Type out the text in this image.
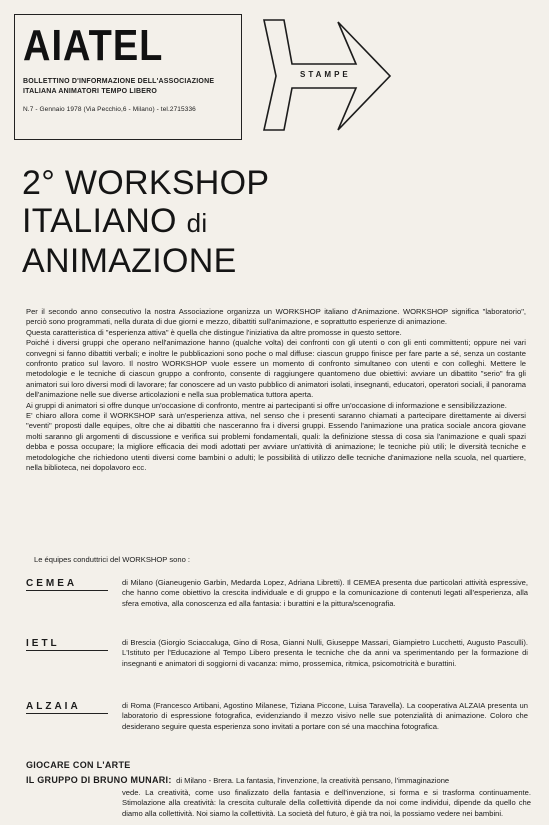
AIATEL
BOLLETTINO D'INFORMAZIONE DELL'ASSOCIAZIONE
ITALIANA ANIMATORI TEMPO LIBERO
N.7 - Gennaio 1978 (Via Pecchio,6 - Milano) - tel.2715336
STAMPE
2° WORKSHOP
ITALIANO di
ANIMAZIONE

Per il secondo anno consecutivo la nostra Associazione organizza un WORKSHOP italiano d'Animazione. WORKSHOP significa "laboratorio", perciò sono programmati, nella durata di due giorni e mezzo, dibattiti sull'animazione, e soprattutto esperienze di animazione.

Questa caratteristica di "esperienza attiva" è quella che distingue l'iniziativa da altre promosse in questo settore.

Poiché i diversi gruppi che operano nell'animazione hanno (qualche volta) dei confronti con gli utenti o con gli enti committenti; oppure nei vari convegni si fanno dibattiti verbali; e inoltre le pubblicazioni sono poche o mal diffuse: ciascun gruppo finisce per fare parte a sé, senza un costante confronto pratico sul lavoro. Il nostro WORKSHOP vuole essere un momento di confronto simultaneo con utenti e con colleghi. Mettere le metodologie e le tecniche di ciascun gruppo a confronto, consente di raggiungere quantomeno due obiettivi: avviare un dibattito "serio" fra gli animatori sui loro diversi modi di lavorare; far conoscere ad un vasto pubblico di animatori isolati, insegnanti, educatori, operatori sociali, il panorama dell'animazione nelle sue diverse articolazioni e nella sua problematica tuttora aperta.

Ai gruppi di animatori si offre dunque un'occasione di confronto, mentre ai partecipanti si offre un'occasione di informazione e sensibilizzazione.

E' chiaro allora come il WORKSHOP sarà un'esperienza attiva, nel senso che i presenti saranno chiamati a partecipare direttamente ai diversi "eventi" proposti dalle equipes, oltre che ai dibattiti che nasceranno fra i diversi gruppi. Essendo l'animazione una pratica sociale ancora giovane molti saranno gli argomenti di discussione e verifica sui problemi fondamentali, quali: la definizione stessa di cosa sia l'animazione e quali spazi debba e possa occupare; la migliore efficacia dei modi adottati per avviare un'attività di animazione; le tecniche più utili; le diversità tecniche e metodologiche che richiedono utenti diversi come bambini o adulti; le possibilità di utilizzo delle tecniche d'animazione nella scuola, nel quartiere, nella biblioteca, nei dopolavoro ecc.

Le équipes conduttrici del WORKSHOP sono :
CEMEA	di Milano (Gianeugenio Garbin, Medarda Lopez, Adriana Libretti). Il CEMEA presenta due particolari attività espressive, che hanno come obiettivo la crescita individuale e di gruppo e la comunicazione di contenuti legati all'esperienza, alla sfera emotiva, alla conoscenza ed alla fantasia: i burattini e la pittura/scenografia.
IETL	di Brescia (Giorgio Sciaccaluga, Gino di Rosa, Gianni Nulli, Giuseppe Massari, Giampietro Lucchetti, Augusto Pasculli). L'Istituto per l'Educazione al Tempo Libero presenta le tecniche che da anni va sperimentando per la formazione di insegnanti e animatori di soggiorni di vacanza: mimo, prossemica, ritmica, psicomotricità e burattini.
ALZAIA	di Roma (Francesco Artibani, Agostino Milanese, Tiziana Piccone, Luisa Taravella). La cooperativa ALZAIA presenta un laboratorio di espressione fotografica, evidenziando il mezzo visivo nelle sue potenzialità di animazione. Coloro che desiderano seguire questa esperienza sono invitati a portare con sé una macchina fotografica.
GIOCARE CON L'ARTE
IL GRUPPO DI BRUNO MUNARI: di Milano - Brera. La fantasia, l'invenzione, la creatività pensano, l'immaginazione
vede. La creatività, come uso finalizzato della fantasia e dell'invenzione, si forma e si trasforma continuamente. Stimolazione alla creatività: la crescita culturale della collettività dipende da noi come individui, dipende da quello che diamo alla collettività. Noi siamo la collettività. La società del futuro, è già tra noi, la possiamo vedere nei bambini.
